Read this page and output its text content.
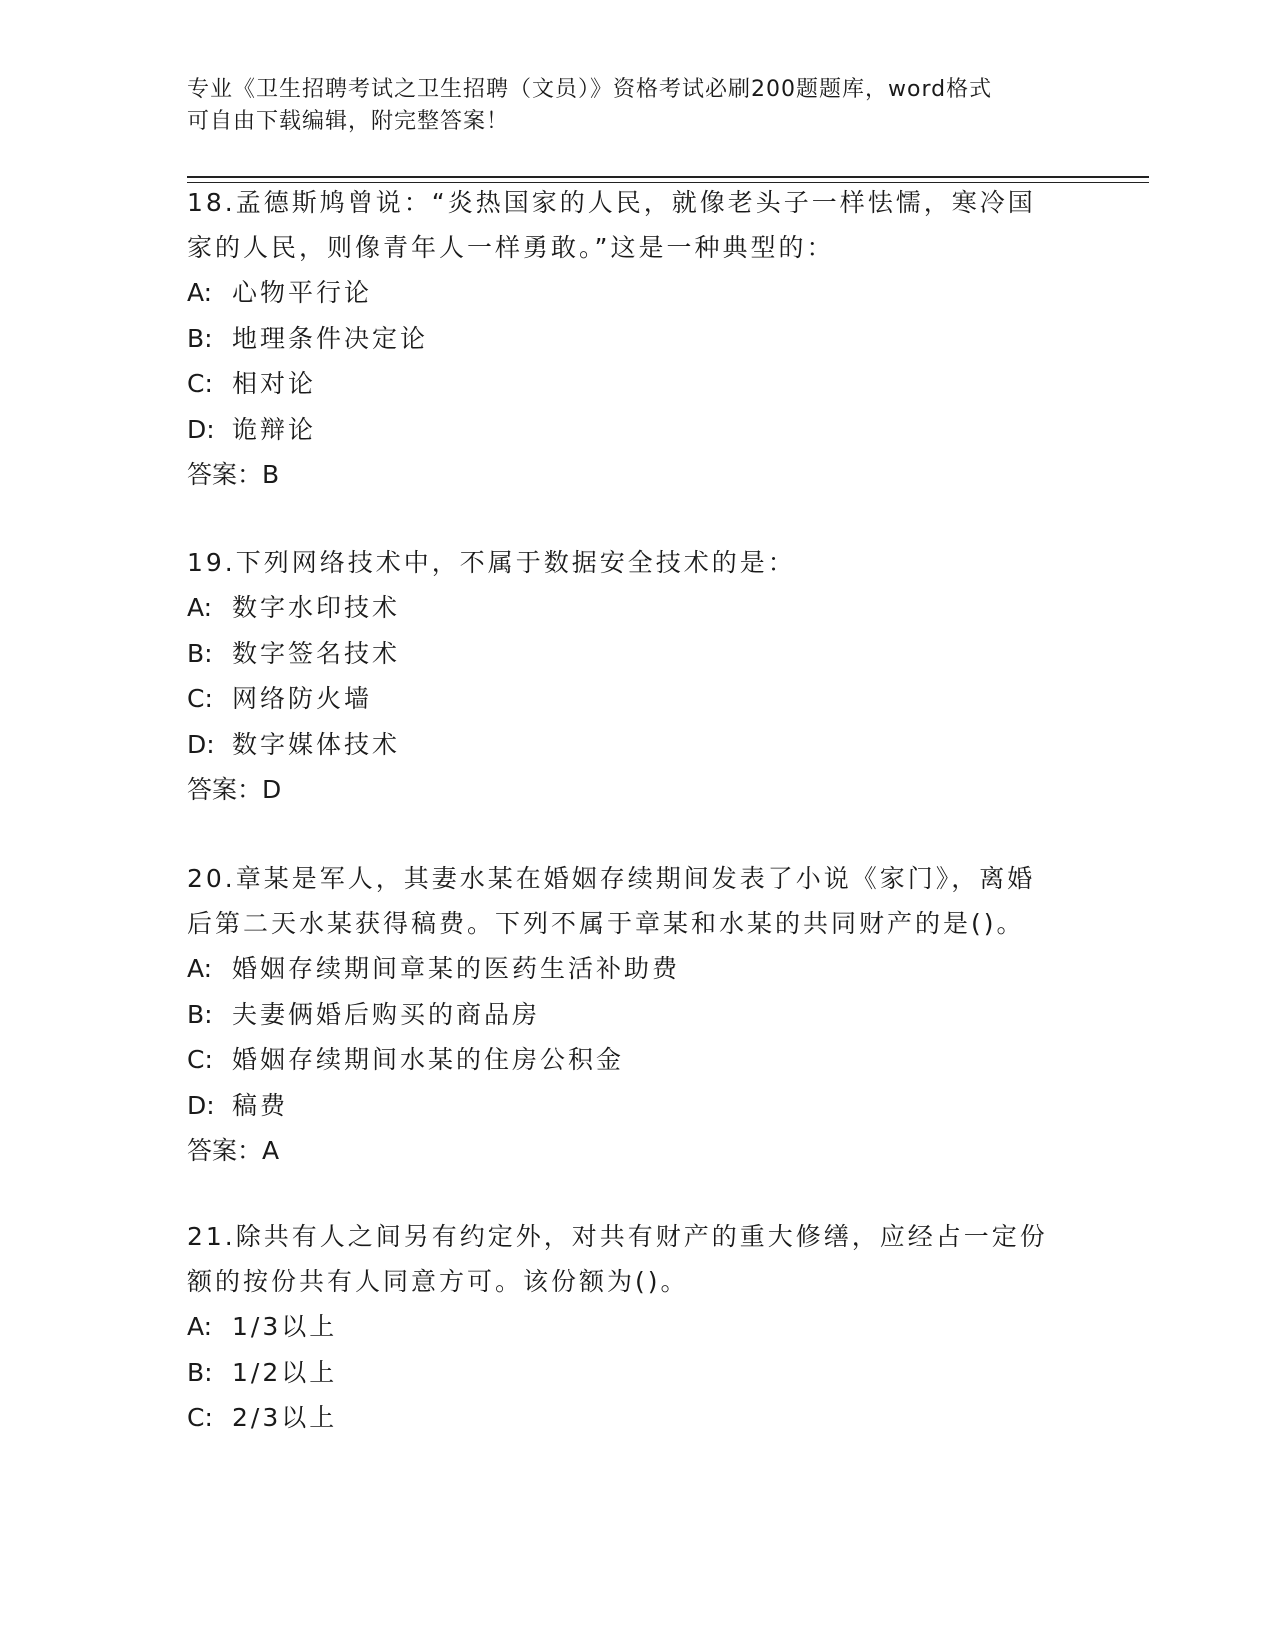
专业《卫生招聘考试之卫生招聘（文员）》资格考试必刷200题题库，word格式
可自由下载编辑，附完整答案！

18.孟德斯鸠曾说：“炎热国家的人民，就像老头子一样怯懦，寒冷国

家的人民，则像青年人一样勇敢。”这是一种典型的：

A: 心物平行论

B: 地理条件决定论

C: 相对论

D: 诡辩论

答案：B

19.下列网络技术中，不属于数据安全技术的是：

A: 数字水印技术

B: 数字签名技术

C: 网络防火墙

D: 数字媒体技术

答案：D

20.章某是军人，其妻水某在婚姻存续期间发表了小说《家门》，离婚

后第二天水某获得稿费。下列不属于章某和水某的共同财产的是()。

A: 婚姻存续期间章某的医药生活补助费

B: 夫妻俩婚后购买的商品房

C: 婚姻存续期间水某的住房公积金

D: 稿费

答案：A

21.除共有人之间另有约定外，对共有财产的重大修缮，应经占一定份

额的按份共有人同意方可。该份额为()。

A: 1/3以上

B: 1/2以上

C: 2/3以上
